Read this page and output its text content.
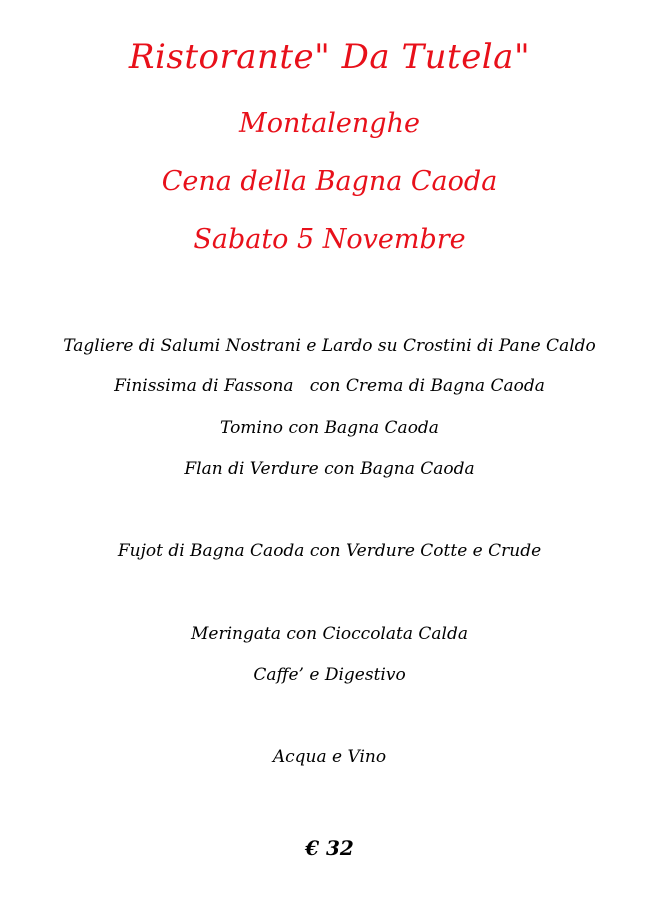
Ristorante" Da Tutela"
Montalenghe
Cena della Bagna Caoda
Sabato 5 Novembre
Tagliere di Salumi Nostrani e Lardo su Crostini di Pane Caldo
Finissima di Fassona   con Crema di Bagna Caoda
Tomino con Bagna Caoda
Flan di Verdure con Bagna Caoda
Fujot di Bagna Caoda con Verdure Cotte e Crude
Meringata con Cioccolata Calda
Caffe’ e Digestivo
Acqua e Vino
€ 32
